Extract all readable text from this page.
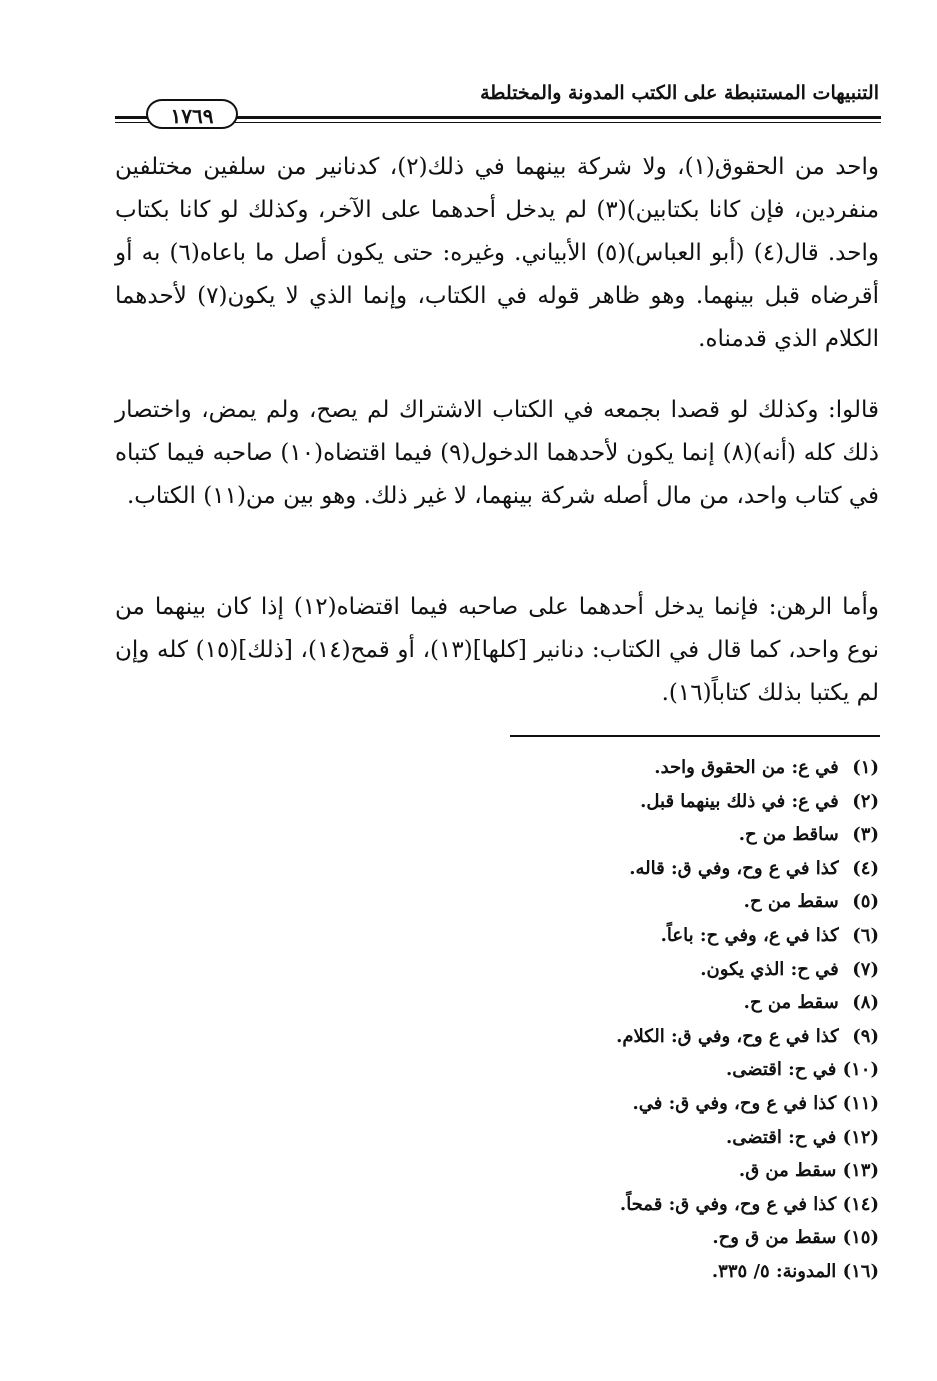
التنبيهات المستنبطة على الكتب المدونة والمختلطة
١٧٦٩

واحد من الحقوق(١)، ولا شركة بينهما في ذلك(٢)، كدنانير من سلفين مختلفين منفردين، فإن كانا بكتابين)(٣) لم يدخل أحدهما على الآخر، وكذلك لو كانا بكتاب واحد. قال(٤) (أبو العباس)(٥) الأبياني. وغيره: حتى يكون أصل ما باعاه(٦) به أو أقرضاه قبل بينهما. وهو ظاهر قوله في الكتاب، وإنما الذي لا يكون(٧) لأحدهما الكلام الذي قدمناه.

قالوا: وكذلك لو قصدا بجمعه في الكتاب الاشتراك لم يصح، ولم يمض، واختصار ذلك كله (أنه)(٨) إنما يكون لأحدهما الدخول(٩) فيما اقتضاه(١٠) صاحبه فيما كتباه في كتاب واحد، من مال أصله شركة بينهما، لا غير ذلك. وهو بين من(١١) الكتاب.

وأما الرهن: فإنما يدخل أحدهما على صاحبه فيما اقتضاه(١٢) إذا كان بينهما من نوع واحد، كما قال في الكتاب: دنانير [كلها](١٣)، أو قمح(١٤)، [ذلك](١٥) كله وإن لم يكتبا بذلك كتاباً(١٦).

(١) في ع: من الحقوق واحد.
(٢) في ع: في ذلك بينهما قبل.
(٣) ساقط من ح.
(٤) كذا في ع وح، وفي ق: قاله.
(٥) سقط من ح.
(٦) كذا في ع، وفي ح: باعاً.
(٧) في ح: الذي يكون.
(٨) سقط من ح.
(٩) كذا في ع وح، وفي ق: الكلام.
(١٠) في ح: اقتضى.
(١١) كذا في ع وح، وفي ق: في.
(١٢) في ح: اقتضى.
(١٣) سقط من ق.
(١٤) كذا في ع وح، وفي ق: قمحاً.
(١٥) سقط من ق وح.
(١٦) المدونة: ٥/ ٣٣٥.
